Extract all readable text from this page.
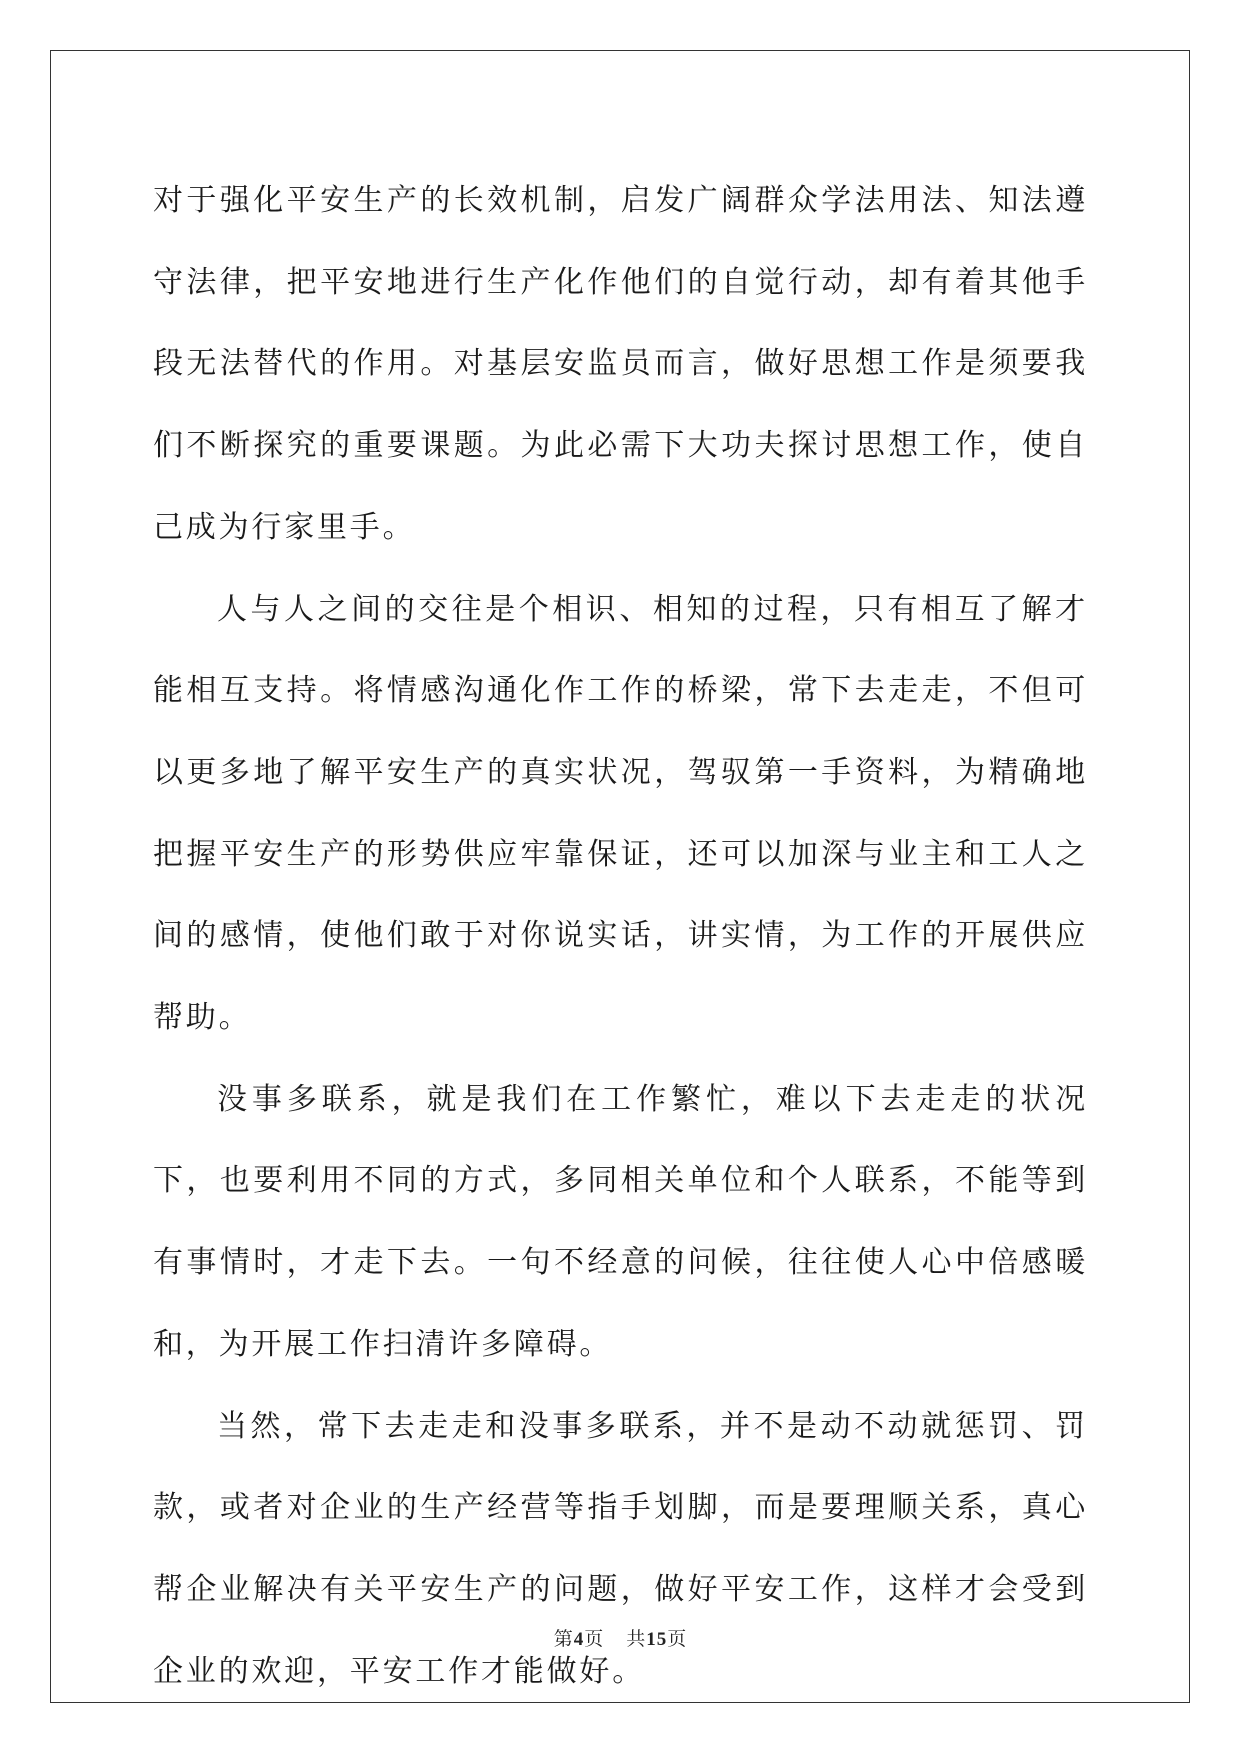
对于强化平安生产的长效机制，启发广阔群众学法用法、知法遵守法律，把平安地进行生产化作他们的自觉行动，却有着其他手段无法替代的作用。对基层安监员而言，做好思想工作是须要我们不断探究的重要课题。为此必需下大功夫探讨思想工作，使自己成为行家里手。

人与人之间的交往是个相识、相知的过程，只有相互了解才能相互支持。将情感沟通化作工作的桥梁，常下去走走，不但可以更多地了解平安生产的真实状况，驾驭第一手资料，为精确地把握平安生产的形势供应牢靠保证，还可以加深与业主和工人之间的感情，使他们敢于对你说实话，讲实情，为工作的开展供应帮助。

没事多联系，就是我们在工作繁忙，难以下去走走的状况下，也要利用不同的方式，多同相关单位和个人联系，不能等到有事情时，才走下去。一句不经意的问候，往往使人心中倍感暖和，为开展工作扫清许多障碍。

当然，常下去走走和没事多联系，并不是动不动就惩罚、罚款，或者对企业的生产经营等指手划脚，而是要理顺关系，真心帮企业解决有关平安生产的问题，做好平安工作，这样才会受到企业的欢迎，平安工作才能做好。

第4页 共15页
